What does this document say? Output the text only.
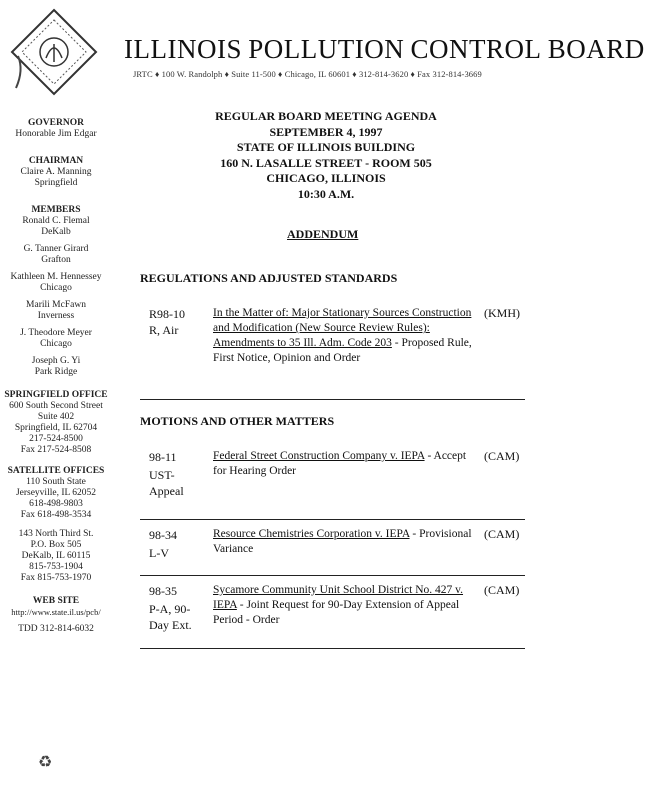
ILLINOIS POLLUTION CONTROL BOARD
JRTC ♦ 100 W. Randolph ♦ Suite 11-500 ♦ Chicago, IL 60601 ♦ 312-814-3620 ♦ Fax 312-814-3669
GOVERNOR
Honorable Jim Edgar
CHAIRMAN
Claire A. Manning
Springfield
MEMBERS
Ronald C. Flemal
DeKalb
G. Tanner Girard
Grafton
Kathleen M. Hennessey
Chicago
Marili McFawn
Inverness
J. Theodore Meyer
Chicago
Joseph G. Yi
Park Ridge
SPRINGFIELD OFFICE
600 South Second Street
Suite 402
Springfield, IL 62704
217-524-8500
Fax 217-524-8508
SATELLITE OFFICES
110 South State
Jerseyville, IL 62052
618-498-9803
Fax 618-498-3534
143 North Third St.
P.O. Box 505
DeKalb, IL 60115
815-753-1904
Fax 815-753-1970
WEB SITE
http://www.state.il.us/pcb/
TDD 312-814-6032
REGULAR BOARD MEETING AGENDA
SEPTEMBER 4, 1997
STATE OF ILLINOIS BUILDING
160 N. LASALLE STREET - ROOM 505
CHICAGO, ILLINOIS
10:30 A.M.
ADDENDUM
REGULATIONS AND ADJUSTED STANDARDS
R98-10
R, Air
In the Matter of: Major Stationary Sources Construction and Modification (New Source Review Rules): Amendments to 35 Ill. Adm. Code 203 - Proposed Rule, First Notice, Opinion and Order
(KMH)
MOTIONS AND OTHER MATTERS
98-11
UST-
Appeal
Federal Street Construction Company v. IEPA - Accept for Hearing Order
(CAM)
98-34
L-V
Resource Chemistries Corporation v. IEPA - Provisional Variance
(CAM)
98-35
P-A, 90-
Day Ext.
Sycamore Community Unit School District No. 427 v. IEPA - Joint Request for 90-Day Extension of Appeal Period - Order
(CAM)
♻
